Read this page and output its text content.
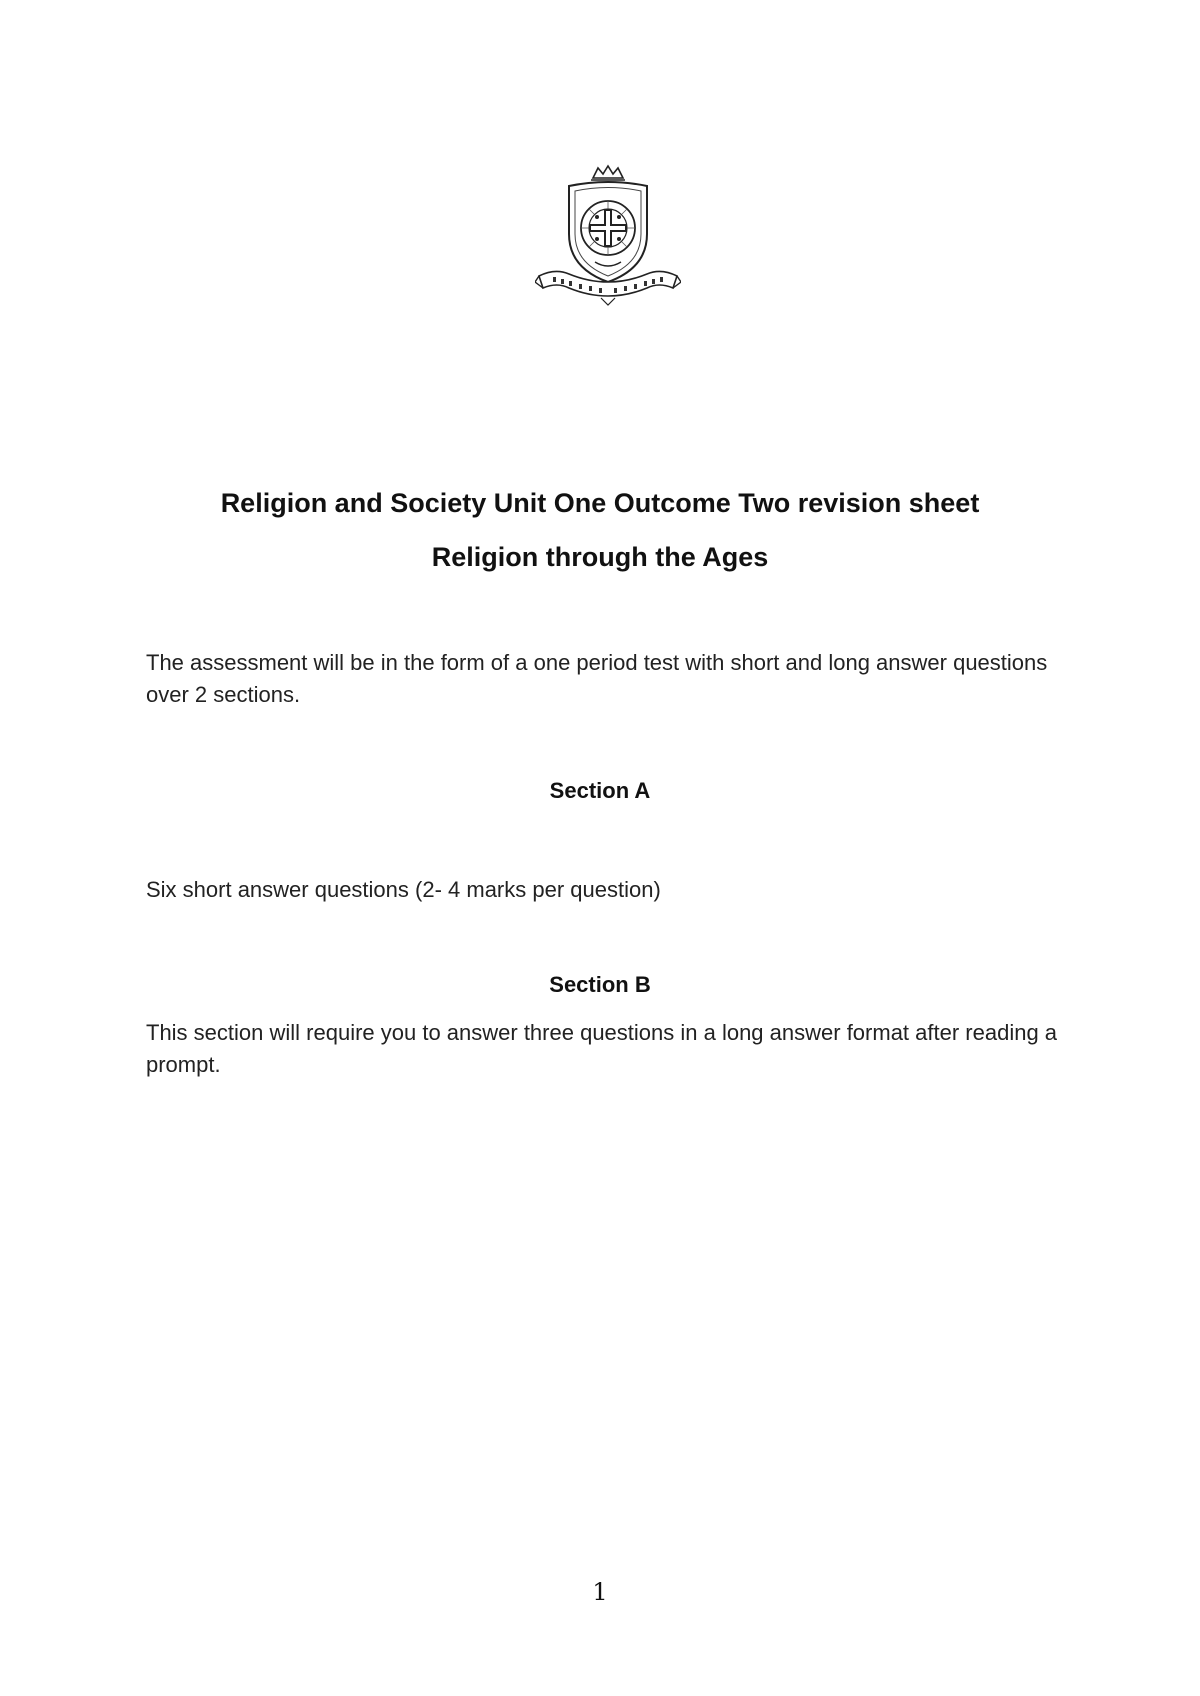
Religion and Society Unit One Outcome Two revision sheet
Religion through the Ages

The assessment will be in the form of a one period test with short and long answer questions over 2 sections.

Section A

Six short answer questions (2- 4 marks per question)

Section B

This section will require you to answer three questions in a long answer format after reading a prompt.

1
